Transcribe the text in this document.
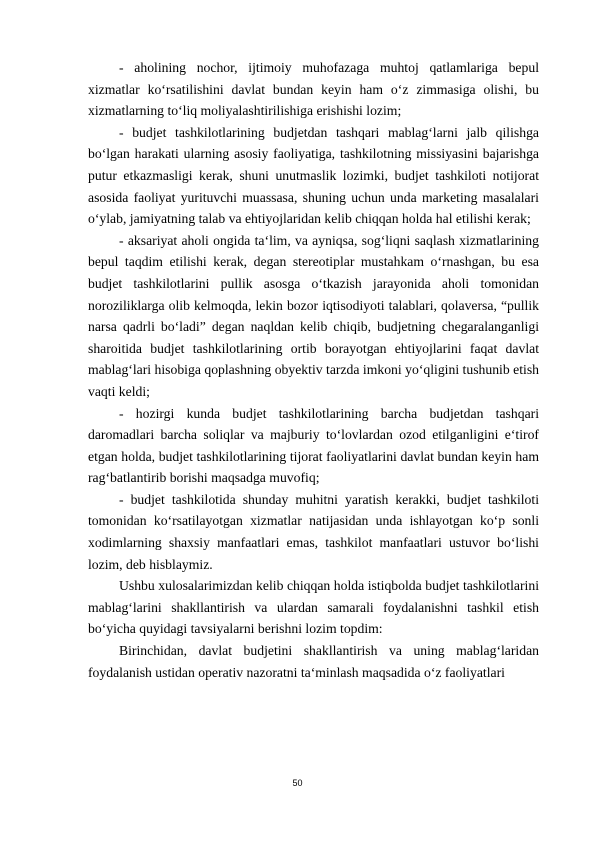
- aholining nochor, ijtimoiy muhofazaga muhtoj qatlamlariga bepul xizmatlar koʻrsatilishini davlat bundan keyin ham oʻz zimmasiga olishi, bu xizmatlarning toʻliq moliyalashtirilishiga erishishi lozim;

- budjet tashkilotlarining budjetdan tashqari mablagʻlarni jalb qilishga boʻlgan harakati ularning asosiy faoliyatiga, tashkilotning missiyasini bajarishga putur etkazmasligi kerak, shuni unutmaslik lozimki, budjet tashkiloti notijorat asosida faoliyat yurituvchi muassasa, shuning uchun unda marketing masalalari oʻylab, jamiyatning talab va ehtiyojlaridan kelib chiqqan holda hal etilishi kerak;

- aksariyat aholi ongida taʻlim, va ayniqsa, sogʻliqni saqlash xizmatlarining bepul taqdim etilishi kerak, degan stereotiplar mustahkam oʻrnashgan, bu esa budjet tashkilotlarini pullik asosga oʻtkazish jarayonida aholi tomonidan noroziliklarga olib kelmoqda, lekin bozor iqtisodiyoti talablari, qolaversa, “pullik narsa qadrli boʻladi” degan naqldan kelib chiqib, budjetning chegaralanganligi sharoitida budjet tashkilotlarining ortib borayotgan ehtiyojlarini faqat davlat mablagʻlari hisobiga qoplashning obyektiv tarzda imkoni yoʻqligini tushunib etish vaqti keldi;

- hozirgi kunda budjet tashkilotlarining barcha budjetdan tashqari daromadlari barcha soliqlar va majburiy toʻlovlardan ozod etilganligini eʻtirof etgan holda, budjet tashkilotlarining tijorat faoliyatlarini davlat bundan keyin ham ragʻbatlantirib borishi maqsadga muvofiq;

- budjet tashkilotida shunday muhitni yaratish kerakki, budjet tashkiloti tomonidan koʻrsatilayotgan xizmatlar natijasidan unda ishlayotgan koʻp sonli xodimlarning shaxsiy manfaatlari emas, tashkilot manfaatlari ustuvor boʻlishi lozim, deb hisblaymiz.

Ushbu xulosalarimizdan kelib chiqqan holda istiqbolda budjet tashkilotlarini mablagʻlarini shakllantirish va ulardan samarali foydalanishni tashkil etish boʻyicha quyidagi tavsiyalarni berishni lozim topdim:

Birinchidan, davlat budjetini shakllantirish va uning mablagʻlaridan foydalanish ustidan operativ nazoratni taʻminlash maqsadida oʻz faoliyatlari

50
